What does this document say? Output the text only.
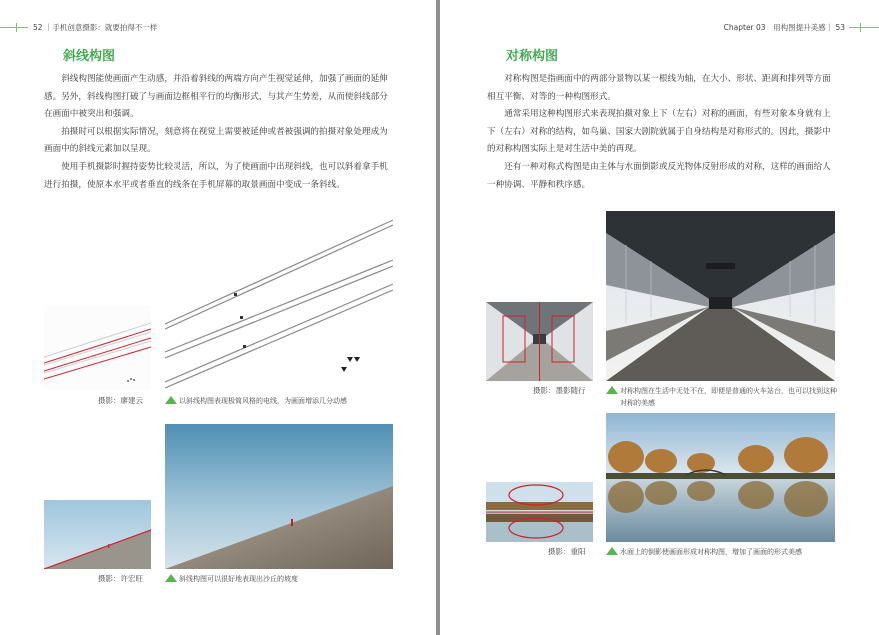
52 ｜手机创意摄影：就要拍得不一样
斜线构图

斜线构图能使画面产生动感，并沿着斜线的两端方向产生视觉延伸，加强了画面的延伸感。另外，斜线构图打破了与画面边框相平行的均衡形式，与其产生势差，从而使斜线部分在画面中被突出和强调。

拍摄时可以根据实际情况，刻意将在视觉上需要被延伸或者被强调的拍摄对象处理成为画面中的斜线元素加以呈现。

使用手机摄影时握持姿势比较灵活，所以，为了使画面中出现斜线，也可以斜着拿手机进行拍摄，使原本水平或者垂直的线条在手机屏幕的取景画面中变成一条斜线。

摄影：廖建云	以斜线构图表现极简风格的电线，为画面增添几分动感
摄影：许宏旺	斜线构图可以很好地表现出沙丘的坡度
Chapter 03　用构图提升美感｜ 53
对称构图

对称构图是指画面中的两部分景物以某一根线为轴，在大小、形状、距离和排列等方面相互平衡、对等的一种构图形式。

通常采用这种构图形式来表现拍摄对象上下（左右）对称的画面，有些对象本身就有上下（左右）对称的结构，如鸟巢、国家大剧院就属于自身结构是对称形式的。因此，摄影中的对称构图实际上是对生活中美的再现。

还有一种对称式构图是由主体与水面倒影或反光物体反射形成的对称，这样的画面给人一种协调、平静和秩序感。

摄影：墨影随行	对称构图在生活中无处不在，即便是普通的火车站台，也可以找到这种对称的美感
摄影：重阳	水面上的倒影使画面形成对称构图，增加了画面的形式美感
